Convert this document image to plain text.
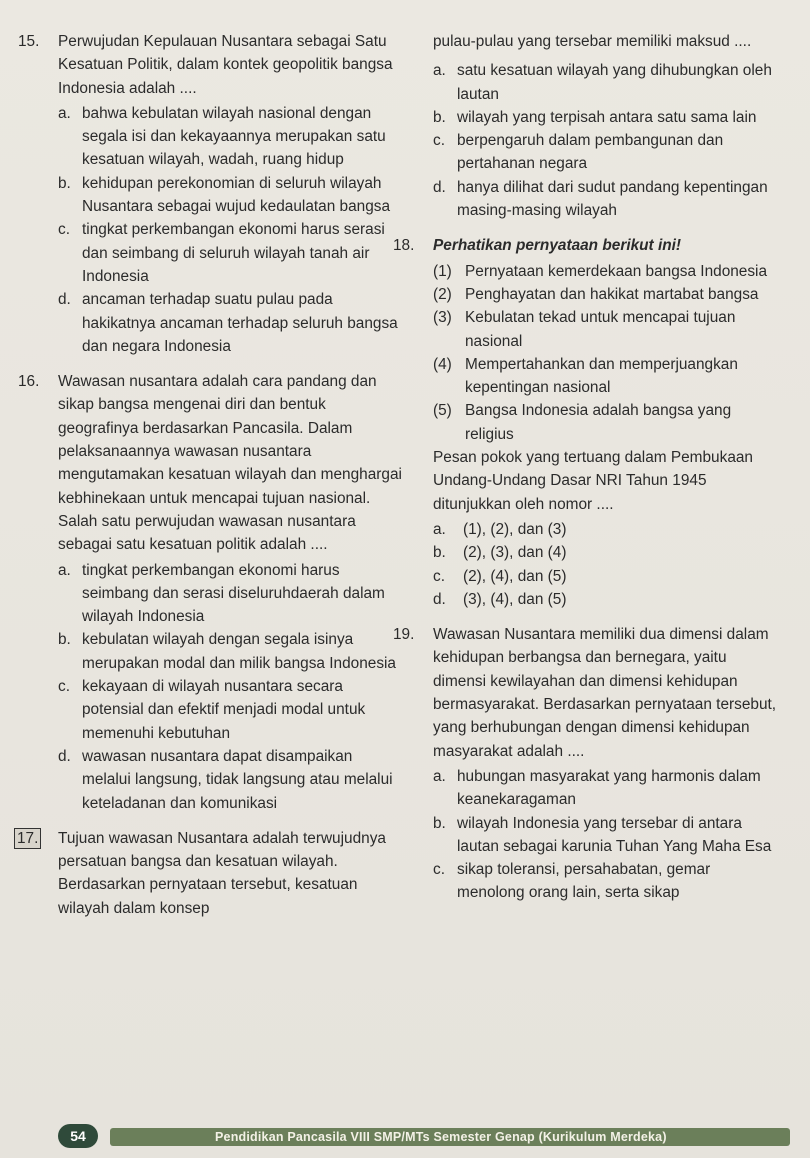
15. Perwujudan Kepulauan Nusantara sebagai Satu Kesatuan Politik, dalam kontek geopolitik bangsa Indonesia adalah ....

a. bahwa kebulatan wilayah nasional dengan segala isi dan kekayaannya merupakan satu kesatuan wilayah, wadah, ruang hidup

b. kehidupan perekonomian di seluruh wilayah Nusantara sebagai wujud kedaulatan bangsa

c. tingkat perkembangan ekonomi harus serasi dan seimbang di seluruh wilayah tanah air Indonesia

d. ancaman terhadap suatu pulau pada hakikatnya ancaman terhadap seluruh bangsa dan negara Indonesia

16. Wawasan nusantara adalah cara pandang dan sikap bangsa mengenai diri dan bentuk geografinya berdasarkan Pancasila. Dalam pelaksanaannya wawasan nusantara mengutamakan kesatuan wilayah dan menghargai kebhinekaan untuk mencapai tujuan nasional. Salah satu perwujudan wawasan nusantara sebagai satu kesatuan politik adalah ....

a. tingkat perkembangan ekonomi harus seimbang dan serasi diseluruhdaerah dalam wilayah Indonesia

b. kebulatan wilayah dengan segala isinya merupakan modal dan milik bangsa Indonesia

c. kekayaan di wilayah nusantara secara potensial dan efektif menjadi modal untuk memenuhi kebutuhan

d. wawasan nusantara dapat disampaikan melalui langsung, tidak langsung atau melalui keteladanan dan komunikasi

17. Tujuan wawasan Nusantara adalah terwujudnya persatuan bangsa dan kesatuan wilayah. Berdasarkan pernyataan tersebut, kesatuan wilayah dalam konsep

pulau-pulau yang tersebar memiliki maksud ....

a. satu kesatuan wilayah yang dihubungkan oleh lautan

b. wilayah yang terpisah antara satu sama lain

c. berpengaruh dalam pembangunan dan pertahanan negara

d. hanya dilihat dari sudut pandang kepentingan masing-masing wilayah

18. Perhatikan pernyataan berikut ini!

(1) Pernyataan kemerdekaan bangsa Indonesia

(2) Penghayatan dan hakikat martabat bangsa

(3) Kebulatan tekad untuk mencapai tujuan nasional

(4) Mempertahankan dan memperjuangkan kepentingan nasional

(5) Bangsa Indonesia adalah bangsa yang religius

Pesan pokok yang tertuang dalam Pembukaan Undang-Undang Dasar NRI Tahun 1945 ditunjukkan oleh nomor ....

a. (1), (2), dan (3)

b. (2), (3), dan (4)

c. (2), (4), dan (5)

d. (3), (4), dan (5)

19. Wawasan Nusantara memiliki dua dimensi dalam kehidupan berbangsa dan bernegara, yaitu dimensi kewilayahan dan dimensi kehidupan bermasyarakat. Berdasarkan pernyataan tersebut, yang berhubungan dengan dimensi kehidupan masyarakat adalah ....

a. hubungan masyarakat yang harmonis dalam keanekaragaman

b. wilayah Indonesia yang tersebar di antara lautan sebagai karunia Tuhan Yang Maha Esa

c. sikap toleransi, persahabatan, gemar menolong orang lain, serta sikap

54	Pendidikan Pancasila VIII SMP/MTs Semester Genap (Kurikulum Merdeka)
